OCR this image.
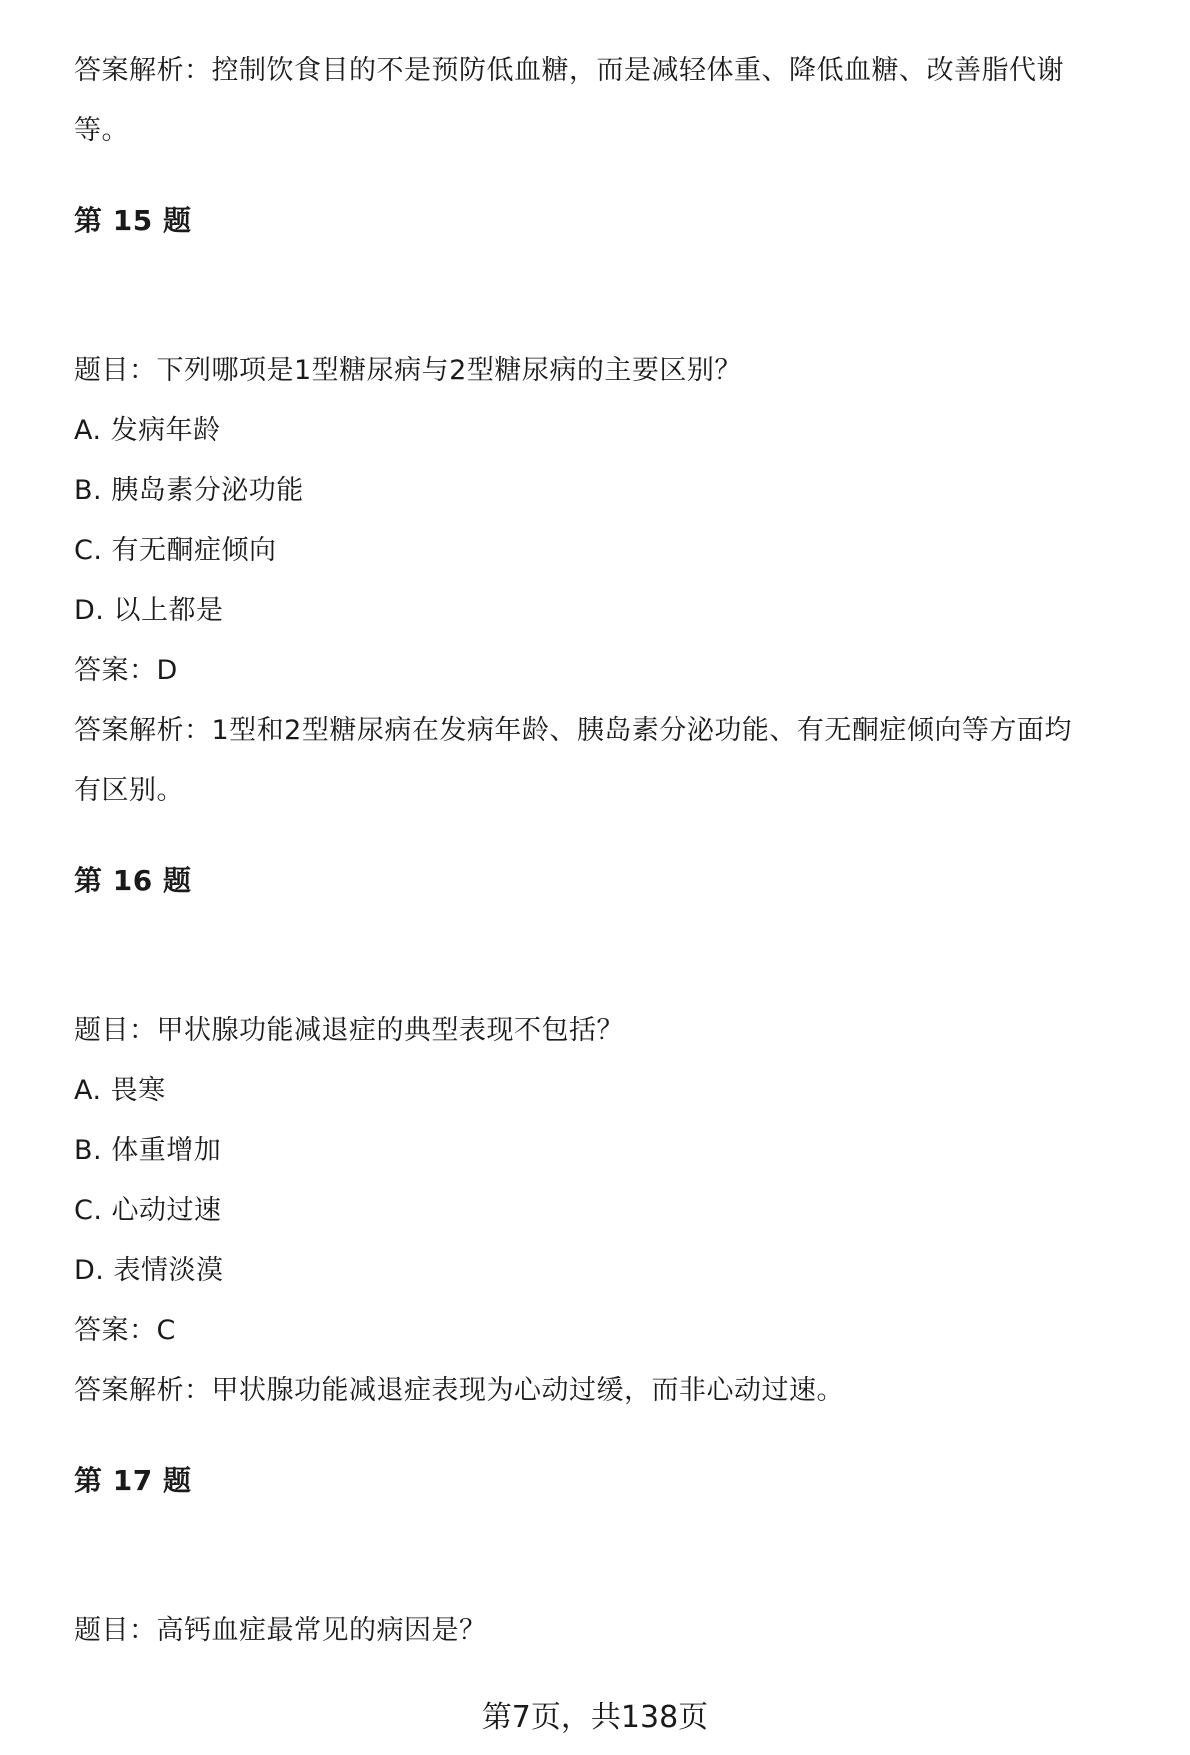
答案解析：控制饮食目的不是预防低血糖，而是减轻体重、降低血糖、改善脂代谢
等。
第 15 题
题目：下列哪项是1型糖尿病与2型糖尿病的主要区别？
A. 发病年龄
B. 胰岛素分泌功能
C. 有无酮症倾向
D. 以上都是
答案：D
答案解析：1型和2型糖尿病在发病年龄、胰岛素分泌功能、有无酮症倾向等方面均
有区别。
第 16 题
题目：甲状腺功能减退症的典型表现不包括？
A. 畏寒
B. 体重增加
C. 心动过速
D. 表情淡漠
答案：C
答案解析：甲状腺功能减退症表现为心动过缓，而非心动过速。
第 17 题
题目：高钙血症最常见的病因是？
第7页，共138页
